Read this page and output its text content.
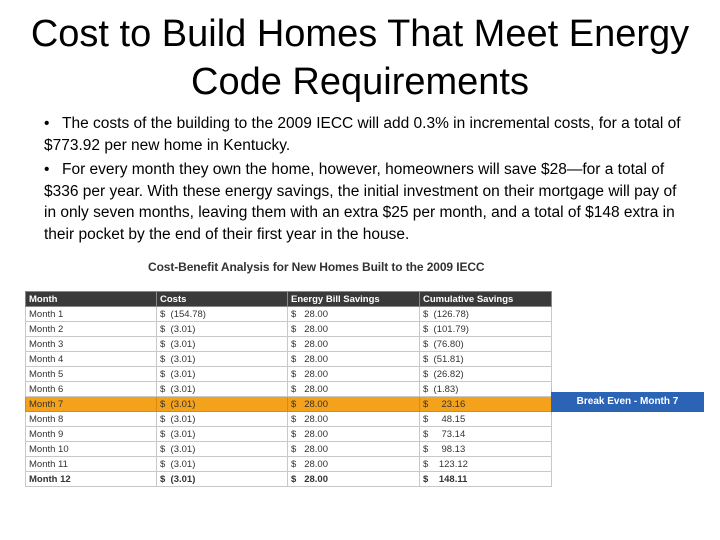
Cost to Build Homes That Meet Energy
Code Requirements
• The costs of the building to the 2009 IECC will add 0.3% in incremental costs, for a total of $773.92 per new home in Kentucky.
• For every month they own the home, however, homeowners will save $28—for a total of $336 per year. With these energy savings, the initial investment on their mortgage will pay of in only seven months, leaving them with an extra $25 per month, and a total of $148 extra in their pocket by the end of their first year in the house.
Cost-Benefit Analysis for New Homes Built to the 2009 IECC
Month	Costs	Energy Bill Savings	Cumulative Savings
Month 1	$  (154.78)	$   28.00	$  (126.78)
Month 2	$  (3.01)	$   28.00	$  (101.79)
Month 3	$  (3.01)	$   28.00	$  (76.80)
Month 4	$  (3.01)	$   28.00	$  (51.81)
Month 5	$  (3.01)	$   28.00	$  (26.82)
Month 6	$  (3.01)	$   28.00	$  (1.83)
Month 7	$  (3.01)	$   28.00	$     23.16
Month 8	$  (3.01)	$   28.00	$     48.15
Month 9	$  (3.01)	$   28.00	$     73.14
Month 10	$  (3.01)	$   28.00	$     98.13
Month 11	$  (3.01)	$   28.00	$    123.12
Month 12	$  (3.01)	$   28.00	$    148.11
Break Even - Month 7
